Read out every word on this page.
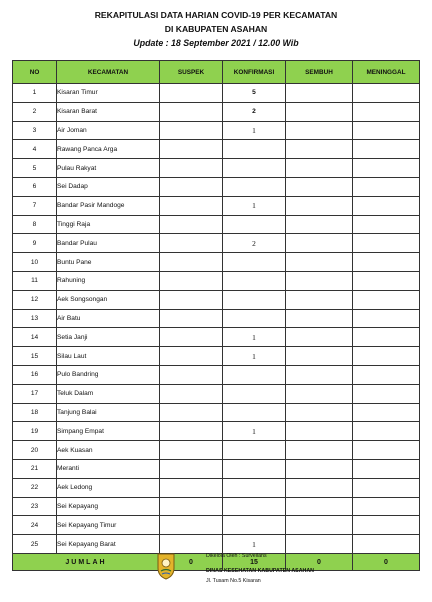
REKAPITULASI DATA HARIAN COVID-19 PER KECAMATAN
DI KABUPATEN ASAHAN
Update : 18 September 2021 / 12.00 Wib
NO	KECAMATAN	SUSPEK	KONFIRMASI	SEMBUH	MENINGGAL
1	Kisaran Timur		5		
2	Kisaran Barat		2		
3	Air Joman		1		
4	Rawang Panca Arga				
5	Pulau Rakyat				
6	Sei Dadap				
7	Bandar Pasir Mandoge		1		
8	Tinggi Raja				
9	Bandar Pulau		2		
10	Buntu Pane				
11	Rahuning				
12	Aek Songsongan				
13	Air Batu				
14	Setia Janji		1		
15	Silau Laut		1		
16	Pulo Bandring				
17	Teluk Dalam				
18	Tanjung Balai				
19	Simpang Empat		1		
20	Aek Kuasan				
21	Meranti				
22	Aek Ledong				
23	Sei Kepayang				
24	Sei Kepayang Timur				
25	Sei Kepayang Barat		1		
JUMLAH		0	15	0	0
Dikelola Oleh : Surveilans
DINAS KESEHATAN KABUPATEN ASAHAN
Jl. Tusam No.5 Kisaran
